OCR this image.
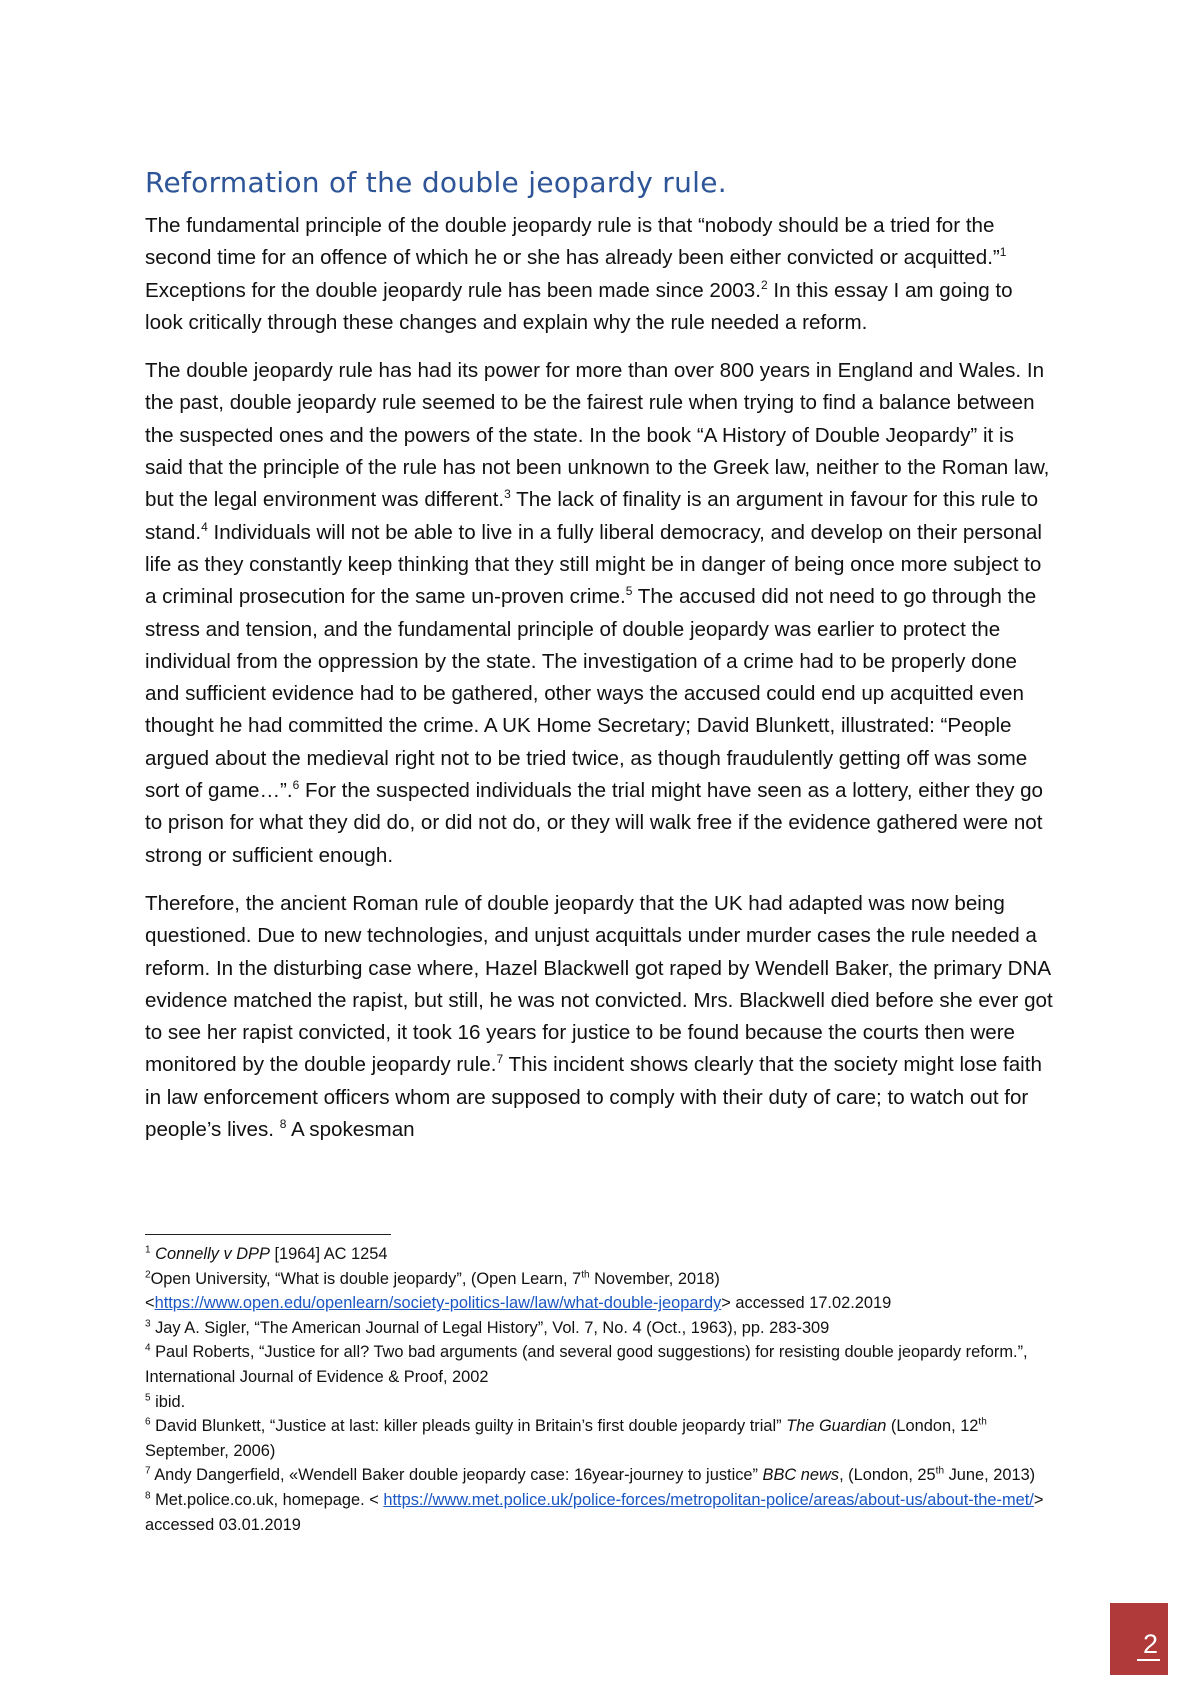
Reformation of the double jeopardy rule.

The fundamental principle of the double jeopardy rule is that “nobody should be a tried for the second time for an offence of which he or she has already been either convicted or acquitted.”$^1$ Exceptions for the double jeopardy rule has been made since 2003.$^2$ In this essay I am going to look critically through these changes and explain why the rule needed a reform.

The double jeopardy rule has had its power for more than over 800 years in England and Wales. In the past, double jeopardy rule seemed to be the fairest rule when trying to find a balance between the suspected ones and the powers of the state. In the book “A History of Double Jeopardy” it is said that the principle of the rule has not been unknown to the Greek law, neither to the Roman law, but the legal environment was different.$^3$ The lack of finality is an argument in favour for this rule to stand.$^4$ Individuals will not be able to live in a fully liberal democracy, and develop on their personal life as they constantly keep thinking that they still might be in danger of being once more subject to a criminal prosecution for the same un-proven crime.$^5$ The accused did not need to go through the stress and tension, and the fundamental principle of double jeopardy was earlier to protect the individual from the oppression by the state. The investigation of a crime had to be properly done and sufficient evidence had to be gathered, other ways the accused could end up acquitted even thought he had committed the crime. A UK Home Secretary; David Blunkett, illustrated: “People argued about the medieval right not to be tried twice, as though fraudulently getting off was some sort of game…”.$^6$ For the suspected individuals the trial might have seen as a lottery, either they go to prison for what they did do, or did not do, or they will walk free if the evidence gathered were not strong or sufficient enough.

Therefore, the ancient Roman rule of double jeopardy that the UK had adapted was now being questioned. Due to new technologies, and unjust acquittals under murder cases the rule needed a reform. In the disturbing case where, Hazel Blackwell got raped by Wendell Baker, the primary DNA evidence matched the rapist, but still, he was not convicted. Mrs. Blackwell died before she ever got to see her rapist convicted, it took 16 years for justice to be found because the courts then were monitored by the double jeopardy rule.$^7$ This incident shows clearly that the society might lose faith in law enforcement officers whom are supposed to comply with their duty of care; to watch out for people’s lives. $^8$ A spokesman

$^1$ Connelly v DPP [1964] AC 1254

$^2$Open University, “What is double jeopardy”, (Open Learn, 7th November, 2018)
<https://www.open.edu/openlearn/society-politics-law/law/what-double-jeopardy> accessed 17.02.2019

$^3$ Jay A. Sigler, “The American Journal of Legal History”, Vol. 7, No. 4 (Oct., 1963), pp. 283-309

$^4$ Paul Roberts, “Justice for all? Two bad arguments (and several good suggestions) for resisting double jeopardy reform.”, International Journal of Evidence & Proof, 2002

$^5$ ibid.

$^6$ David Blunkett, “Justice at last: killer pleads guilty in Britain’s first double jeopardy trial” The Guardian (London, 12th September, 2006)

$^7$ Andy Dangerfield, «Wendell Baker double jeopardy case: 16year-journey to justice” BBC news, (London, 25th June, 2013)

$^8$ Met.police.co.uk, homepage. < https://www.met.police.uk/police-forces/metropolitan-police/areas/about-us/about-the-met/> accessed 03.01.2019

2
